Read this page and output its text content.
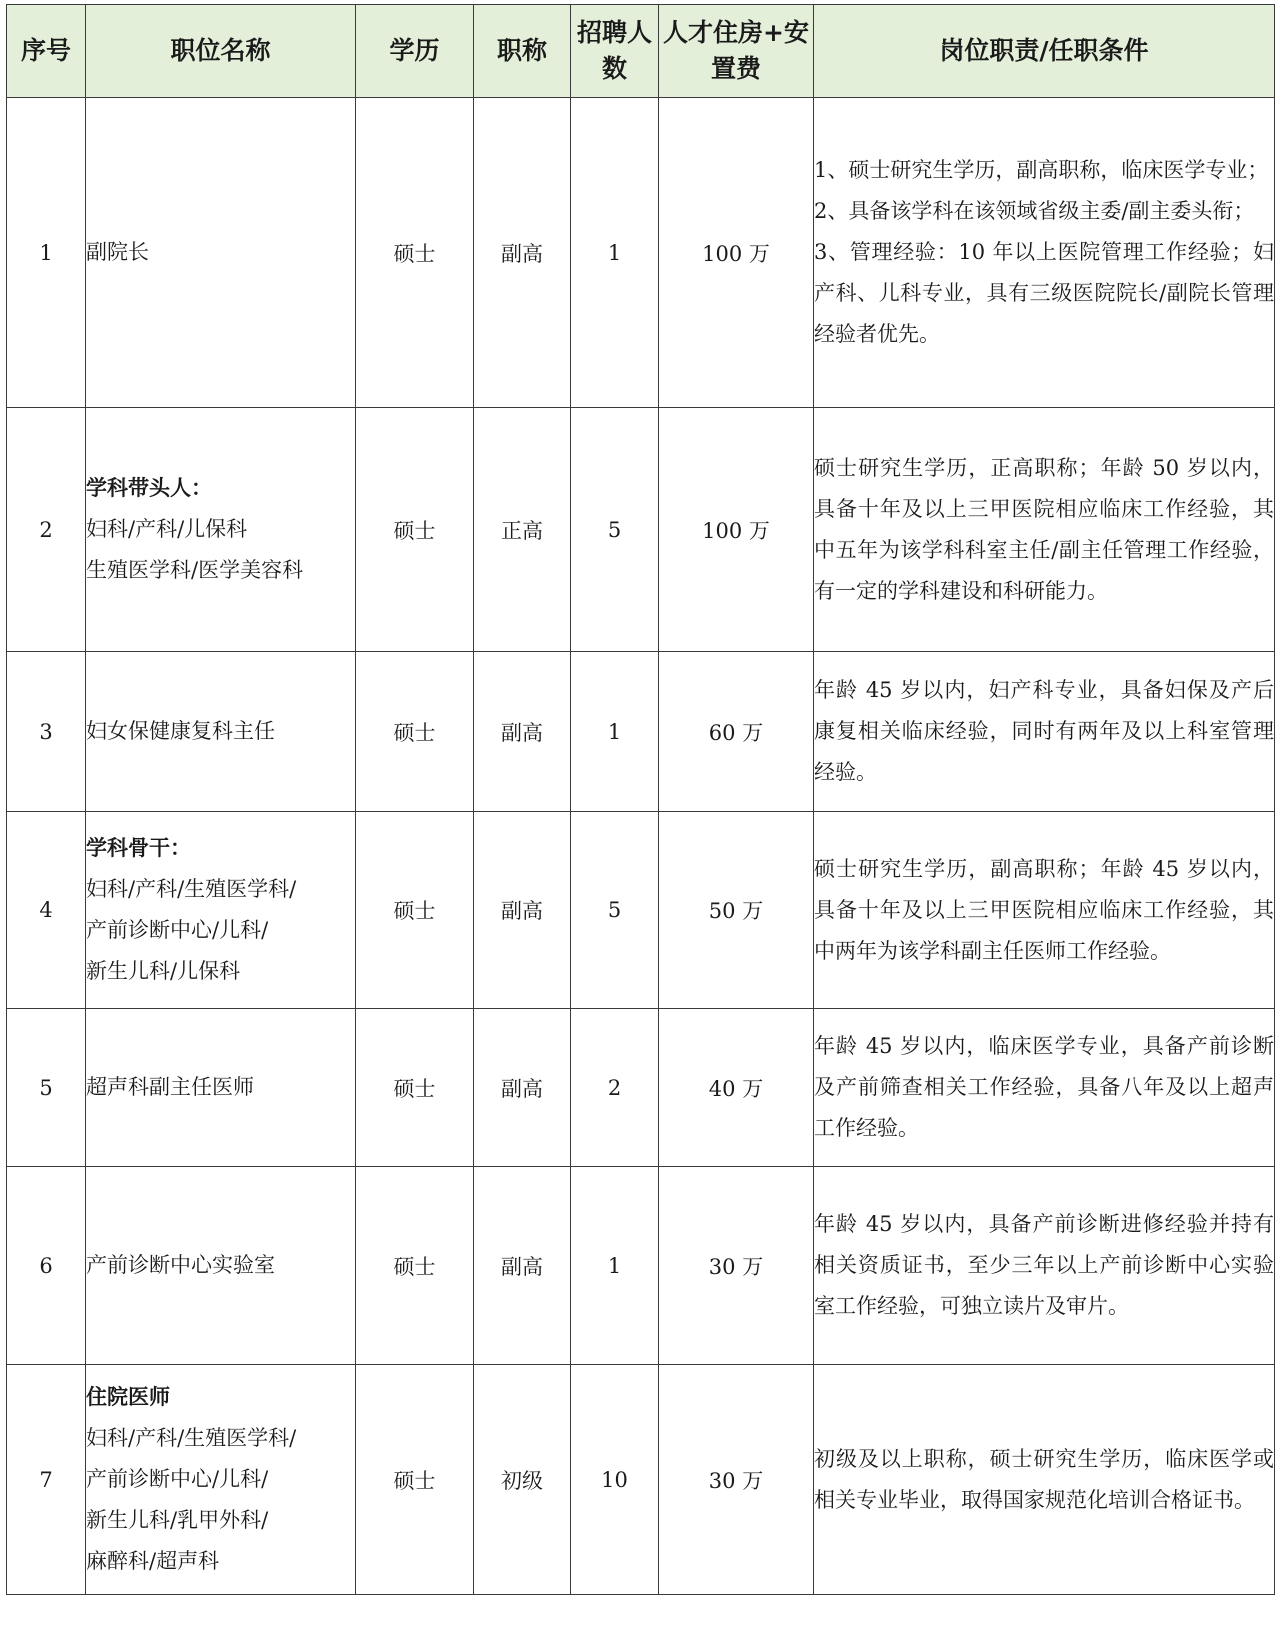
序号	职位名称	学历	职称	招聘人数	人才住房+安置费	岗位职责/任职条件
1	副院长	硕士	副高	1	100 万	1、硕士研究生学历，副高职称，临床医学专业；
2、具备该学科在该领域省级主委/副主委头衔；
3、管理经验：10 年以上医院管理工作经验；妇产科、儿科专业，具有三级医院院长/副院长管理经验者优先。

2	学科带头人：
妇科/产科/儿保科
生殖医学科/医学美容科	硕士	正高	5	100 万	硕士研究生学历，正高职称；年龄 50 岁以内，具备十年及以上三甲医院相应临床工作经验，其中五年为该学科科室主任/副主任管理工作经验，有一定的学科建设和科研能力。

3	妇女保健康复科主任	硕士	副高	1	60 万	年龄 45 岁以内，妇产科专业，具备妇保及产后康复相关临床经验，同时有两年及以上科室管理经验。

4	学科骨干：
妇科/产科/生殖医学科/
产前诊断中心/儿科/
新生儿科/儿保科	硕士	副高	5	50 万	硕士研究生学历，副高职称；年龄 45 岁以内，具备十年及以上三甲医院相应临床工作经验，其中两年为该学科副主任医师工作经验。

5	超声科副主任医师	硕士	副高	2	40 万	年龄 45 岁以内，临床医学专业，具备产前诊断及产前筛查相关工作经验，具备八年及以上超声工作经验。

6	产前诊断中心实验室	硕士	副高	1	30 万	年龄 45 岁以内，具备产前诊断进修经验并持有相关资质证书，至少三年以上产前诊断中心实验室工作经验，可独立读片及审片。

7	住院医师
妇科/产科/生殖医学科/
产前诊断中心/儿科/
新生儿科/乳甲外科/
麻醉科/超声科	硕士	初级	10	30 万	初级及以上职称，硕士研究生学历，临床医学或相关专业毕业，取得国家规范化培训合格证书。
